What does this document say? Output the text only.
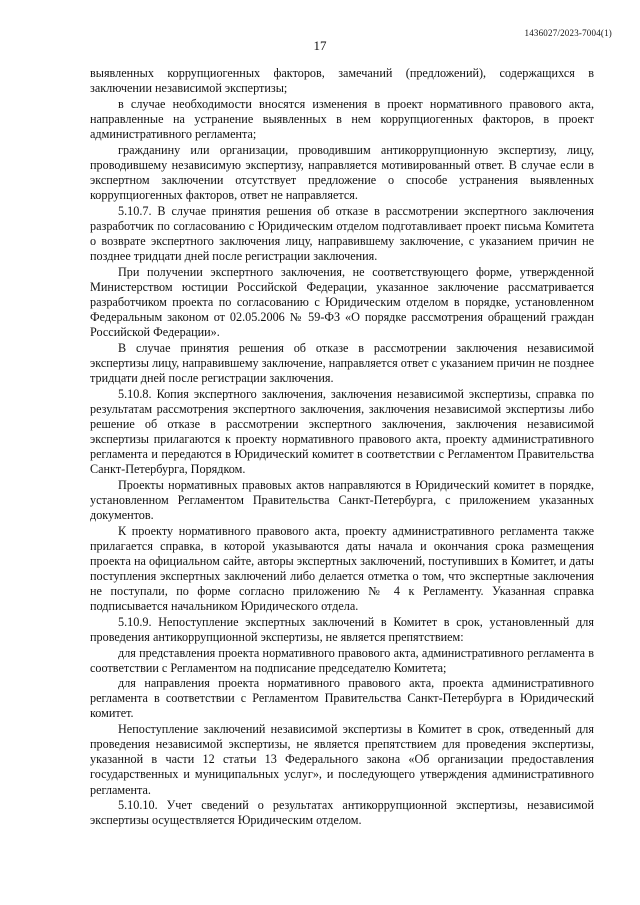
1436027/2023-7004(1)
17

выявленных коррупциогенных факторов, замечаний (предложений), содержащихся в заключении независимой экспертизы;

в случае необходимости вносятся изменения в проект нормативного правового акта, направленные на устранение выявленных в нем коррупциогенных факторов, в проект административного регламента;

гражданину или организации, проводившим антикоррупционную экспертизу, лицу, проводившему независимую экспертизу, направляется мотивированный ответ. В случае если в экспертном заключении отсутствует предложение о способе устранения выявленных коррупциогенных факторов, ответ не направляется.

5.10.7. В случае принятия решения об отказе в рассмотрении экспертного заключения разработчик по согласованию с Юридическим отделом подготавливает проект письма Комитета о возврате экспертного заключения лицу, направившему заключение, с указанием причин не позднее тридцати дней после регистрации заключения.

При получении экспертного заключения, не соответствующего форме, утвержденной Министерством юстиции Российской Федерации, указанное заключение рассматривается разработчиком проекта по согласованию с Юридическим отделом в порядке, установленном Федеральным законом от 02.05.2006 № 59-ФЗ «О порядке рассмотрения обращений граждан Российской Федерации».

В случае принятия решения об отказе в рассмотрении заключения независимой экспертизы лицу, направившему заключение, направляется ответ с указанием причин не позднее тридцати дней после регистрации заключения.

5.10.8. Копия экспертного заключения, заключения независимой экспертизы, справка по результатам рассмотрения экспертного заключения, заключения независимой экспертизы либо решение об отказе в рассмотрении экспертного заключения, заключения независимой экспертизы прилагаются к проекту нормативного правового акта, проекту административного регламента и передаются в Юридический комитет в соответствии с Регламентом Правительства Санкт-Петербурга, Порядком.

Проекты нормативных правовых актов направляются в Юридический комитет в порядке, установленном Регламентом Правительства Санкт-Петербурга, с приложением указанных документов.

К проекту нормативного правового акта, проекту административного регламента также прилагается справка, в которой указываются даты начала и окончания срока размещения проекта на официальном сайте, авторы экспертных заключений, поступивших в Комитет, и даты поступления экспертных заключений либо делается отметка о том, что экспертные заключения не поступали, по форме согласно приложению № 4 к Регламенту. Указанная справка подписывается начальником Юридического отдела.

5.10.9. Непоступление экспертных заключений в Комитет в срок, установленный для проведения антикоррупционной экспертизы, не является препятствием:

для представления проекта нормативного правового акта, административного регламента в соответствии с Регламентом на подписание председателю Комитета;

для направления проекта нормативного правового акта, проекта административного регламента в соответствии с Регламентом Правительства Санкт-Петербурга в Юридический комитет.

Непоступление заключений независимой экспертизы в Комитет в срок, отведенный для проведения независимой экспертизы, не является препятствием для проведения экспертизы, указанной в части 12 статьи 13 Федерального закона «Об организации предоставления государственных и муниципальных услуг», и последующего утверждения административного регламента.

5.10.10. Учет сведений о результатах антикоррупционной экспертизы, независимой экспертизы осуществляется Юридическим отделом.
